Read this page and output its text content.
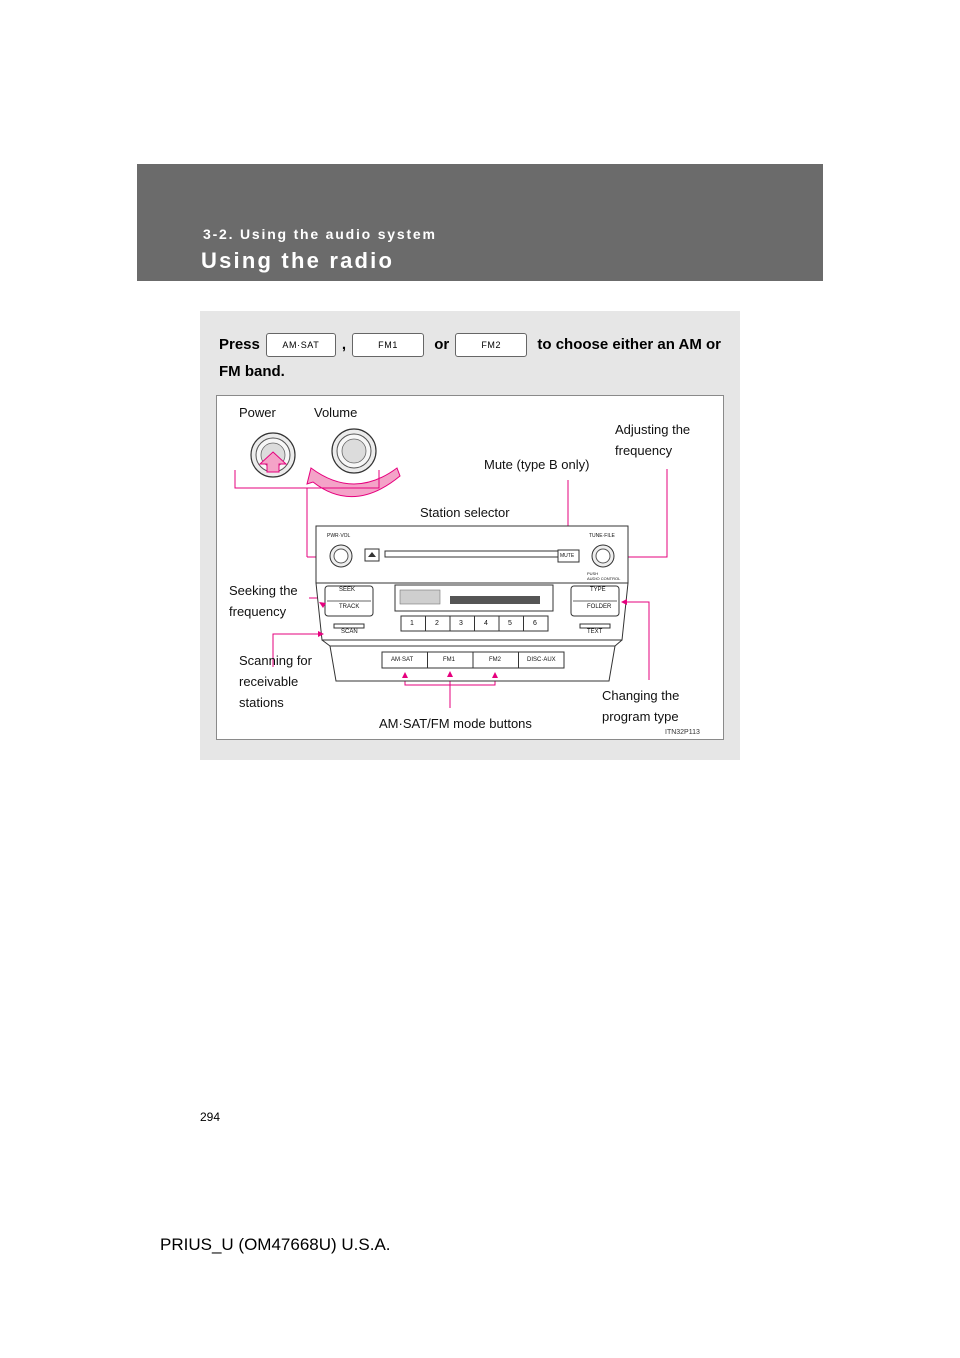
3-2. Using the audio system
Using the radio
Press	AM·SAT ,	FM1 or	FM2 to choose either an AM or FM band.
PWR·VOL	TUNE·FILE
PUSH
AUDIO CONTROL
MUTE
SEEK
TRACK
SCAN
TYPE
FOLDER
TEXT
1	2	3	4	5	6
AM·SAT	FM1	FM2	DISC·AUX
Power	Volume
Adjusting the frequency
Mute (type B only)
Station selector
Seeking the frequency
Scanning for receivable stations	Changing the program type
AM·SAT/FM mode buttons
ITN32P113
294
PRIUS_U (OM47668U) U.S.A.
